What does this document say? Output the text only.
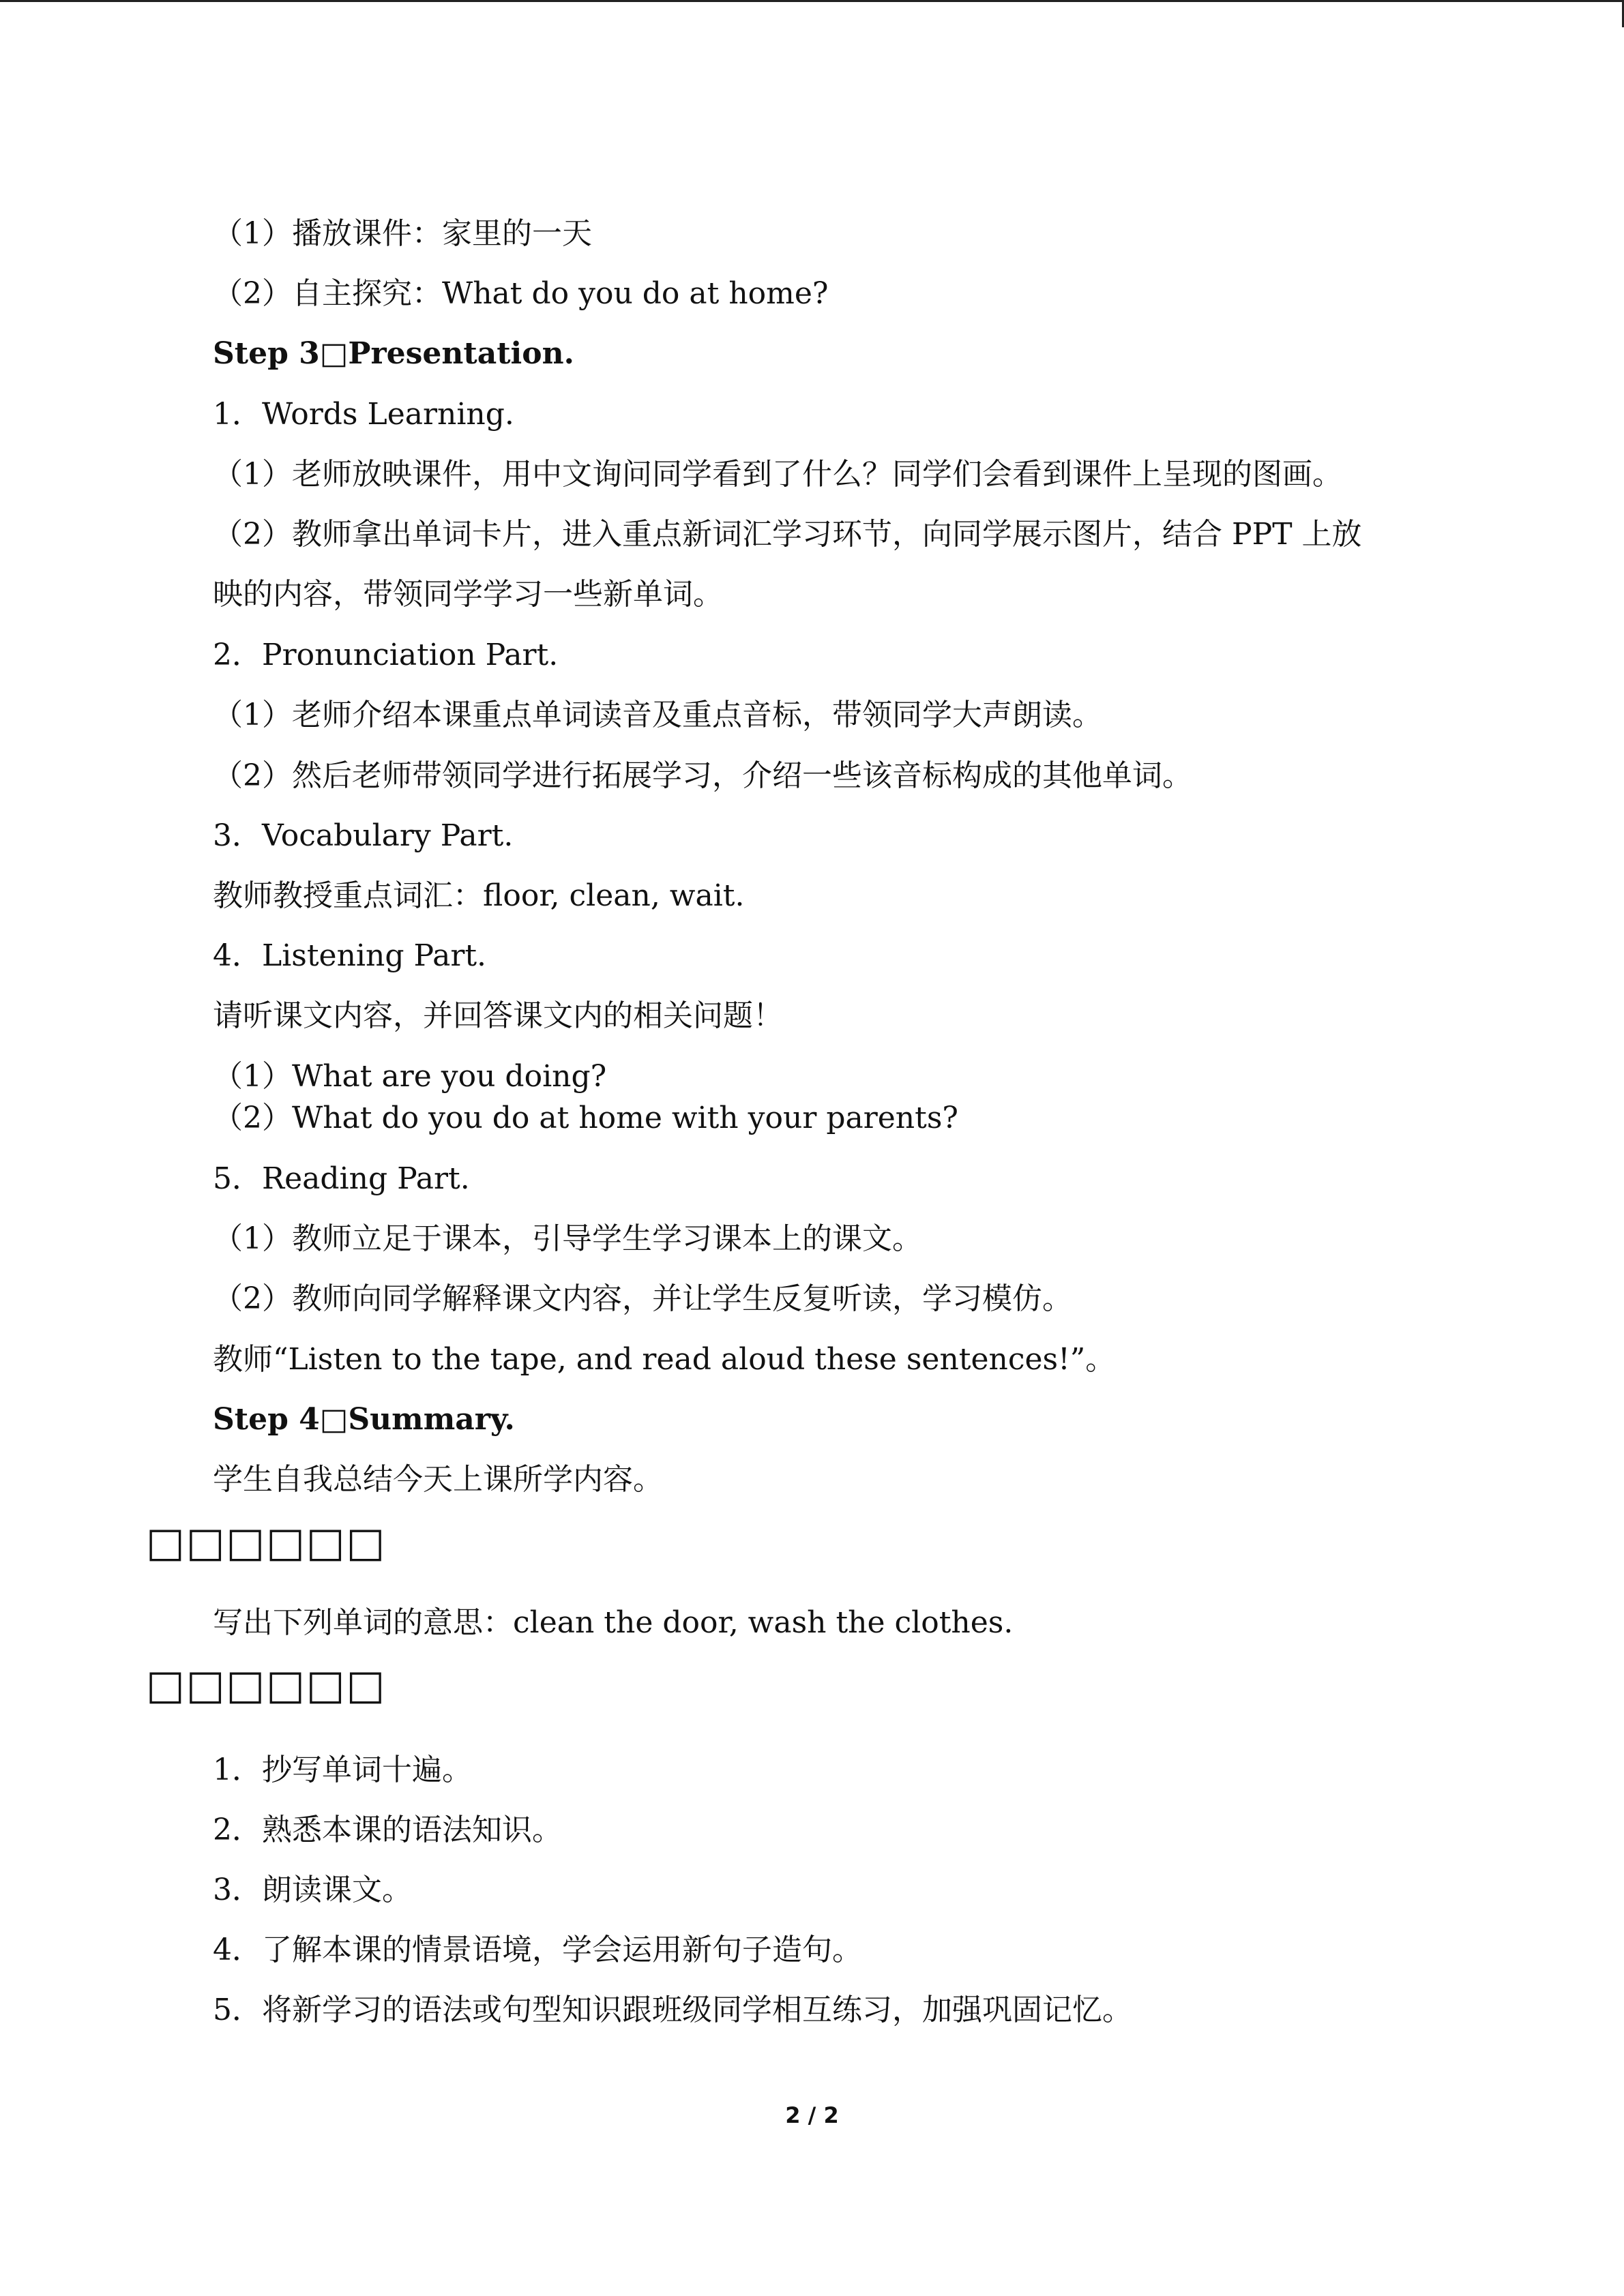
（1）播放课件：家里的一天

（2）自主探究：What do you do at home?

Step 3□Presentation.

1．Words Learning.

（1）老师放映课件，用中文询问同学看到了什么？同学们会看到课件上呈现的图画。

（2）教师拿出单词卡片，进入重点新词汇学习环节，向同学展示图片，结合 PPT 上放

映的内容，带领同学学习一些新单词。

2．Pronunciation Part.

（1）老师介绍本课重点单词读音及重点音标，带领同学大声朗读。

（2）然后老师带领同学进行拓展学习，介绍一些该音标构成的其他单词。

3．Vocabulary Part.

教师教授重点词汇：floor, clean, wait.

4．Listening Part.

请听课文内容，并回答课文内的相关问题！

（1）What are you doing?

（2）What do you do at home with your parents?

5．Reading Part.

（1）教师立足于课本，引导学生学习课本上的课文。

（2）教师向同学解释课文内容，并让学生反复听读，学习模仿。

教师“Listen to the tape, and read aloud these sentences!”。

Step 4□Summary.

学生自我总结今天上课所学内容。

□□□□□□

写出下列单词的意思：clean the door, wash the clothes.

□□□□□□

1．抄写单词十遍。

2．熟悉本课的语法知识。

3．朗读课文。

4．了解本课的情景语境，学会运用新句子造句。

5．将新学习的语法或句型知识跟班级同学相互练习，加强巩固记忆。

2 / 2
